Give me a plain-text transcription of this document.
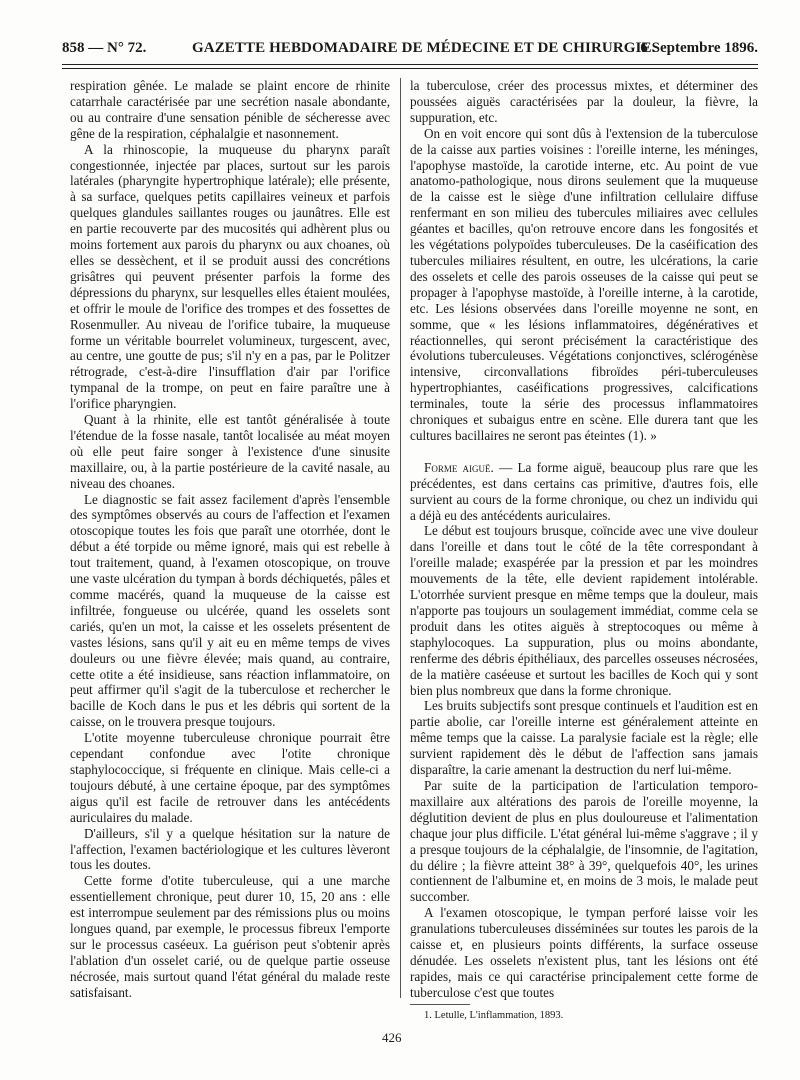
858 — N° 72.	GAZETTE HEBDOMADAIRE DE MÉDECINE ET DE CHIRURGIE.
6 Septembre 1896.

respiration gênée. Le malade se plaint encore de rhinite catarrhale caractérisée par une secrétion nasale abondante, ou au contraire d'une sensation pénible de sécheresse avec gêne de la respiration, céphalalgie et nasonnement.

A la rhinoscopie, la muqueuse du pharynx paraît congestionnée, injectée par places, surtout sur les parois latérales (pharyngite hypertrophique latérale); elle présente, à sa surface, quelques petits capillaires veineux et parfois quelques glandules saillantes rouges ou jaunâtres. Elle est en partie recouverte par des mucosités qui adhèrent plus ou moins fortement aux parois du pharynx ou aux choanes, où elles se dessèchent, et il se produit aussi des concrétions grisâtres qui peuvent présenter parfois la forme des dépressions du pharynx, sur lesquelles elles étaient moulées, et offrir le moule de l'orifice des trompes et des fossettes de Rosenmuller. Au niveau de l'orifice tubaire, la muqueuse forme un véritable bourrelet volumineux, turgescent, avec, au centre, une goutte de pus; s'il n'y en a pas, par le Politzer rétrograde, c'est-à-dire l'insufflation d'air par l'orifice tympanal de la trompe, on peut en faire paraître une à l'orifice pharyngien.

Quant à la rhinite, elle est tantôt généralisée à toute l'étendue de la fosse nasale, tantôt localisée au méat moyen où elle peut faire songer à l'existence d'une sinusite maxillaire, ou, à la partie postérieure de la cavité nasale, au niveau des choanes.

Le diagnostic se fait assez facilement d'après l'ensemble des symptômes observés au cours de l'affection et l'examen otoscopique toutes les fois que paraît une otorrhée, dont le début a été torpide ou même ignoré, mais qui est rebelle à tout traitement, quand, à l'examen otoscopique, on trouve une vaste ulcération du tympan à bords déchiquetés, pâles et comme macérés, quand la muqueuse de la caisse est infiltrée, fongueuse ou ulcérée, quand les osselets sont cariés, qu'en un mot, la caisse et les osselets présentent de vastes lésions, sans qu'il y ait eu en même temps de vives douleurs ou une fièvre élevée; mais quand, au contraire, cette otite a été insidieuse, sans réaction inflammatoire, on peut affirmer qu'il s'agit de la tuberculose et rechercher le bacille de Koch dans le pus et les débris qui sortent de la caisse, on le trouvera presque toujours.

L'otite moyenne tuberculeuse chronique pourrait être cependant confondue avec l'otite chronique staphylococcique, si fréquente en clinique. Mais celle-ci a toujours débuté, à une certaine époque, par des symptômes aigus qu'il est facile de retrouver dans les antécédents auriculaires du malade.

D'ailleurs, s'il y a quelque hésitation sur la nature de l'affection, l'examen bactériologique et les cultures lèveront tous les doutes.

Cette forme d'otite tuberculeuse, qui a une marche essentiellement chronique, peut durer 10, 15, 20 ans : elle est interrompue seulement par des rémissions plus ou moins longues quand, par exemple, le processus fibreux l'emporte sur le processus caséeux. La guérison peut s'obtenir après l'ablation d'un osselet carié, ou de quelque partie osseuse nécrosée, mais surtout quand l'état général du malade reste satisfaisant.

la tuberculose, créer des processus mixtes, et déterminer des poussées aiguës caractérisées par la douleur, la fièvre, la suppuration, etc.

On en voit encore qui sont dûs à l'extension de la tuberculose de la caisse aux parties voisines : l'oreille interne, les méninges, l'apophyse mastoïde, la carotide interne, etc. Au point de vue anatomo-pathologique, nous dirons seulement que la muqueuse de la caisse est le siège d'une infiltration cellulaire diffuse renfermant en son milieu des tubercules miliaires avec cellules géantes et bacilles, qu'on retrouve encore dans les fongosités et les végétations polypoïdes tuberculeuses. De la caséification des tubercules miliaires résultent, en outre, les ulcérations, la carie des osselets et celle des parois osseuses de la caisse qui peut se propager à l'apophyse mastoïde, à l'oreille interne, à la carotide, etc. Les lésions observées dans l'oreille moyenne ne sont, en somme, que « les lésions inflammatoires, dégénératives et réactionnelles, qui seront précisément la caractéristique des évolutions tuberculeuses. Végétations conjonctives, sclérogénèse intensive, circonvallations fibroïdes péri-tuberculeuses hypertrophiantes, caséifications progressives, calcifications terminales, toute la série des processus inflammatoires chroniques et subaigus entre en scène. Elle durera tant que les cultures bacillaires ne seront pas éteintes (1). »

Forme aiguë. — La forme aiguë, beaucoup plus rare que les précédentes, est dans certains cas primitive, d'autres fois, elle survient au cours de la forme chronique, ou chez un individu qui a déjà eu des antécédents auriculaires.

Le début est toujours brusque, coïncide avec une vive douleur dans l'oreille et dans tout le côté de la tête correspondant à l'oreille malade; exaspérée par la pression et par les moindres mouvements de la tête, elle devient rapidement intolérable. L'otorrhée survient presque en même temps que la douleur, mais n'apporte pas toujours un soulagement immédiat, comme cela se produit dans les otites aiguës à streptocoques ou même à staphylocoques. La suppuration, plus ou moins abondante, renferme des débris épithéliaux, des parcelles osseuses nécrosées, de la matière caséeuse et surtout les bacilles de Koch qui y sont bien plus nombreux que dans la forme chronique.

Les bruits subjectifs sont presque continuels et l'audition est en partie abolie, car l'oreille interne est généralement atteinte en même temps que la caisse. La paralysie faciale est la règle; elle survient rapidement dès le début de l'affection sans jamais disparaître, la carie amenant la destruction du nerf lui-même.

Par suite de la participation de l'articulation temporo-maxillaire aux altérations des parois de l'oreille moyenne, la déglutition devient de plus en plus douloureuse et l'alimentation chaque jour plus difficile. L'état général lui-même s'aggrave ; il y a presque toujours de la céphalalgie, de l'insomnie, de l'agitation, du délire ; la fièvre atteint 38° à 39°, quelquefois 40°, les urines contiennent de l'albumine et, en moins de 3 mois, le malade peut succomber.

A l'examen otoscopique, le tympan perforé laisse voir les granulations tuberculeuses disséminées sur toutes les parois de la caisse et, en plusieurs points différents, la surface osseuse dénudée. Les osselets n'existent plus, tant les lésions ont été rapides, mais ce qui caractérise principalement cette forme de tuberculose c'est que toutes

1. Letulle, L'inflammation, 1893.
426
